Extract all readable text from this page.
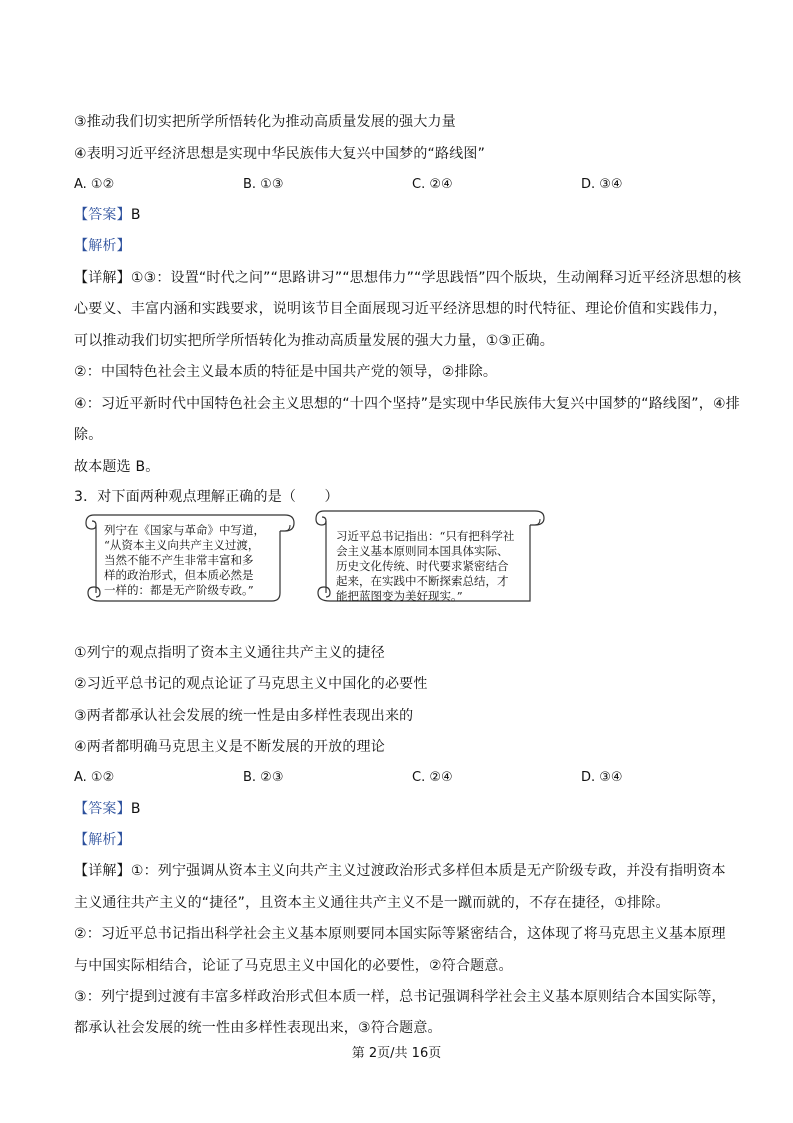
③推动我们切实把所学所悟转化为推动高质量发展的强大力量
④表明习近平经济思想是实现中华民族伟大复兴中国梦的“路线图”
A. ①②	B. ①③	C. ②④	D. ③④
【答案】B
【解析】
【详解】①③：设置“时代之问”“思路讲习”“思想伟力”“学思践悟”四个版块，生动阐释习近平经济思想的核
心要义、丰富内涵和实践要求，说明该节目全面展现习近平经济思想的时代特征、理论价值和实践伟力，
可以推动我们切实把所学所悟转化为推动高质量发展的强大力量，①③正确。
②：中国特色社会主义最本质的特征是中国共产党的领导，②排除。
④：习近平新时代中国特色社会主义思想的“十四个坚持”是实现中华民族伟大复兴中国梦的“路线图”，④排
除。
故本题选 B。
3．对下面两种观点理解正确的是（　　）
列宁在《国家与革命》中写道，
“从资本主义向共产主义过渡，
当然不能不产生非常丰富和多
样的政治形式，但本质必然是
一样的：都是无产阶级专政。”
习近平总书记指出：“只有把科学社
会主义基本原则同本国具体实际、
历史文化传统、时代要求紧密结合
起来，在实践中不断探索总结，才
能把蓝图变为美好现实。”
①列宁的观点指明了资本主义通往共产主义的捷径
②习近平总书记的观点论证了马克思主义中国化的必要性
③两者都承认社会发展的统一性是由多样性表现出来的
④两者都明确马克思主义是不断发展的开放的理论
A. ①②	B. ②③	C. ②④	D. ③④
【答案】B
【解析】
【详解】①：列宁强调从资本主义向共产主义过渡政治形式多样但本质是无产阶级专政，并没有指明资本
主义通往共产主义的“捷径”，且资本主义通往共产主义不是一蹴而就的，不存在捷径，①排除。
②：习近平总书记指出科学社会主义基本原则要同本国实际等紧密结合，这体现了将马克思主义基本原理
与中国实际相结合，论证了马克思主义中国化的必要性，②符合题意。
③：列宁提到过渡有丰富多样政治形式但本质一样，总书记强调科学社会主义基本原则结合本国实际等，
都承认社会发展的统一性由多样性表现出来，③符合题意。
第 2页/共 16页
